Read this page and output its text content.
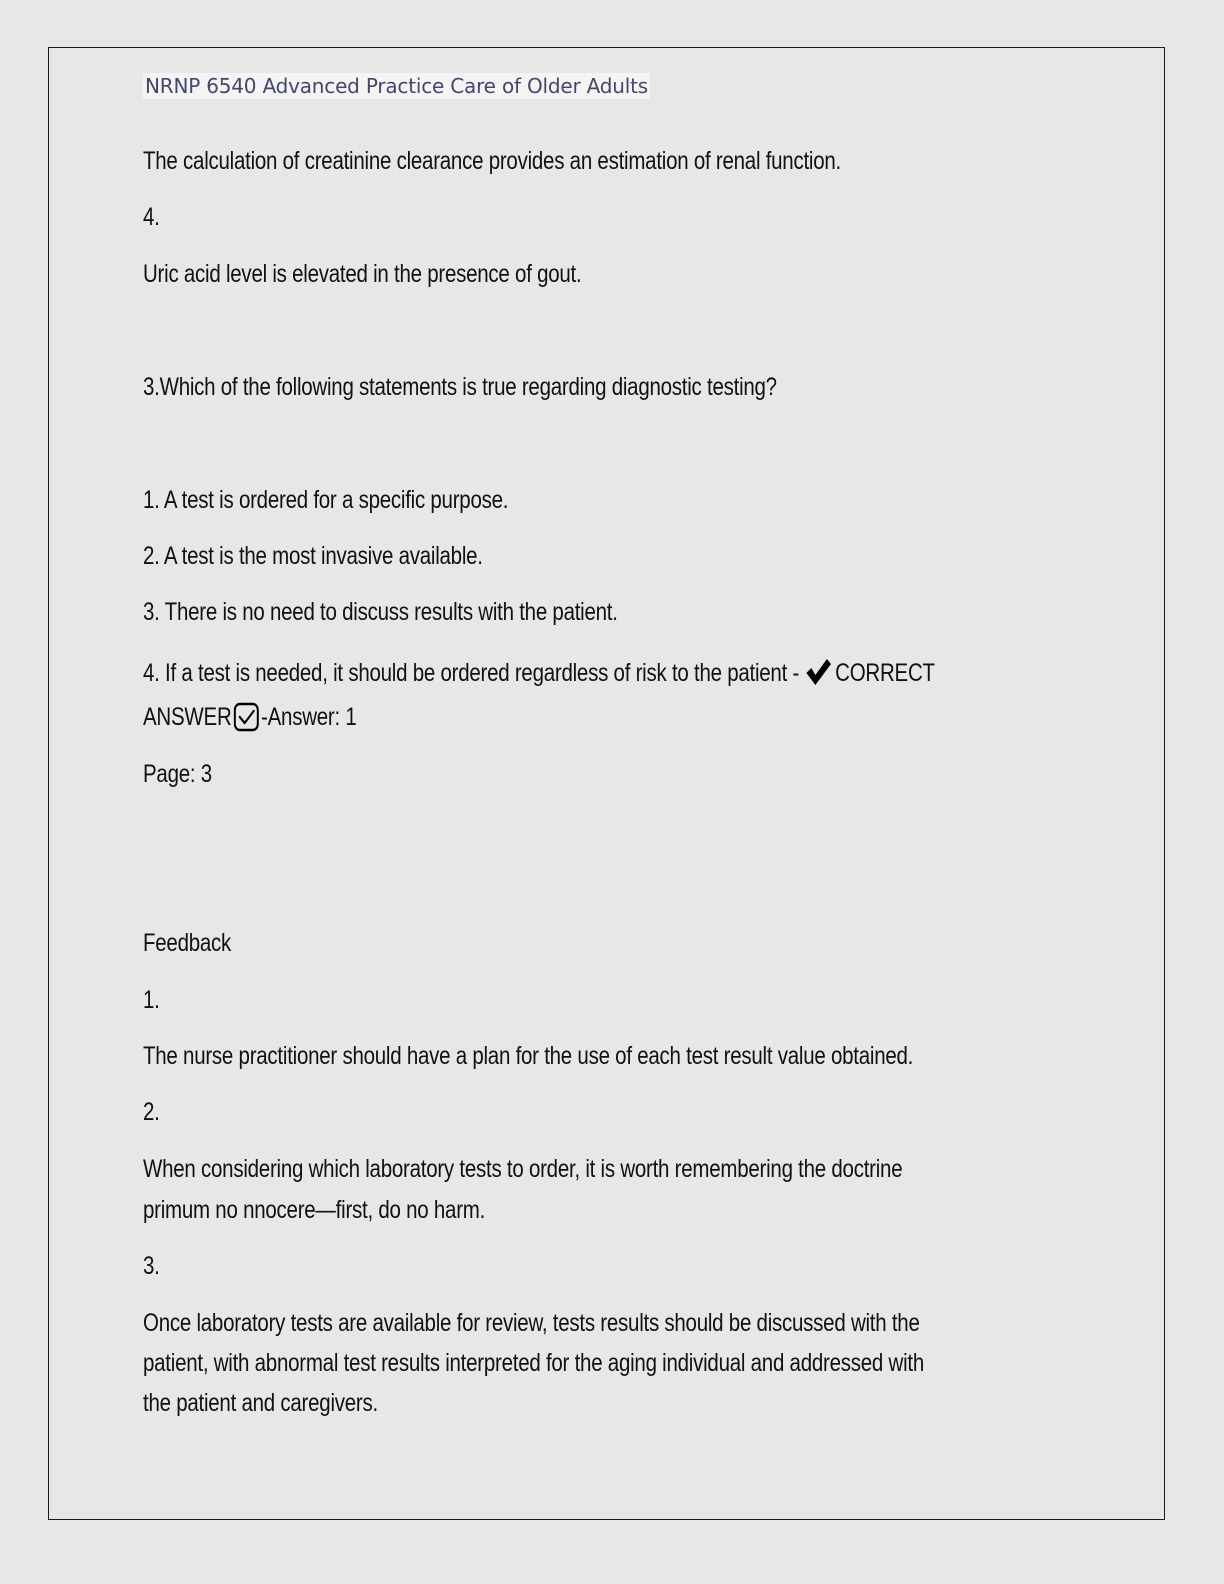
NRNP 6540 Advanced Practice Care of Older Adults
The calculation of creatinine clearance provides an estimation of renal function.
4.
Uric acid level is elevated in the presence of gout.
3.Which of the following statements is true regarding diagnostic testing?
1. A test is ordered for a specific purpose.
2. A test is the most invasive available.
3. There is no need to discuss results with the patient.
4. If a test is needed, it should be ordered regardless of risk to the patient - CORRECT
ANSWER -Answer: 1
Page: 3
Feedback
1.
The nurse practitioner should have a plan for the use of each test result value obtained.
2.
When considering which laboratory tests to order, it is worth remembering the doctrine
primum no nnocere—first, do no harm.
3.
Once laboratory tests are available for review, tests results should be discussed with the
patient, with abnormal test results interpreted for the aging individual and addressed with
the patient and caregivers.
